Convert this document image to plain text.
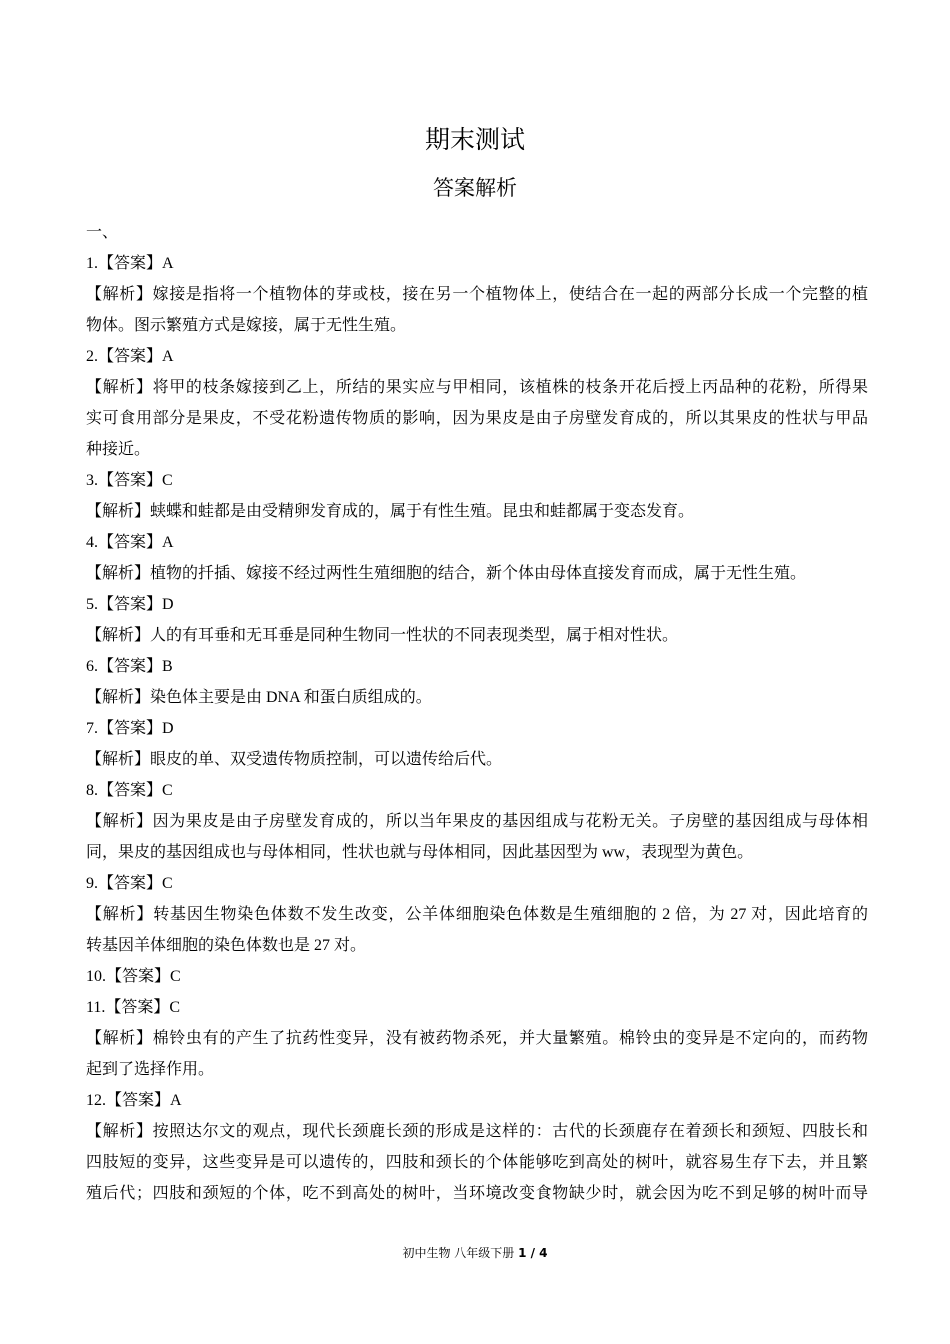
期末测试
答案解析
一、
1.【答案】A
【解析】嫁接是指将一个植物体的芽或枝，接在另一个植物体上，使结合在一起的两部分长成一个完整的植
物体。图示繁殖方式是嫁接，属于无性生殖。
2.【答案】A
【解析】将甲的枝条嫁接到乙上，所结的果实应与甲相同，该植株的枝条开花后授上丙品种的花粉，所得果
实可食用部分是果皮，不受花粉遗传物质的影响，因为果皮是由子房壁发育成的，所以其果皮的性状与甲品
种接近。
3.【答案】C
【解析】蛱蝶和蛙都是由受精卵发育成的，属于有性生殖。昆虫和蛙都属于变态发育。
4.【答案】A
【解析】植物的扦插、嫁接不经过两性生殖细胞的结合，新个体由母体直接发育而成，属于无性生殖。
5.【答案】D
【解析】人的有耳垂和无耳垂是同种生物同一性状的不同表现类型，属于相对性状。
6.【答案】B
【解析】染色体主要是由 DNA 和蛋白质组成的。
7.【答案】D
【解析】眼皮的单、双受遗传物质控制，可以遗传给后代。
8.【答案】C
【解析】因为果皮是由子房壁发育成的，所以当年果皮的基因组成与花粉无关。子房壁的基因组成与母体相
同，果皮的基因组成也与母体相同，性状也就与母体相同，因此基因型为 ww，表现型为黄色。
9.【答案】C
【解析】转基因生物染色体数不发生改变，公羊体细胞染色体数是生殖细胞的 2 倍，为 27 对，因此培育的
转基因羊体细胞的染色体数也是 27 对。
10.【答案】C
11.【答案】C
【解析】棉铃虫有的产生了抗药性变异，没有被药物杀死，并大量繁殖。棉铃虫的变异是不定向的，而药物
起到了选择作用。
12.【答案】A
【解析】按照达尔文的观点，现代长颈鹿长颈的形成是这样的：古代的长颈鹿存在着颈长和颈短、四肢长和
四肢短的变异，这些变异是可以遗传的，四肢和颈长的个体能够吃到高处的树叶，就容易生存下去，并且繁
殖后代；四肢和颈短的个体，吃不到高处的树叶，当环境改变食物缺少时，就会因为吃不到足够的树叶而导
初中生物 八年级下册 1 / 4
